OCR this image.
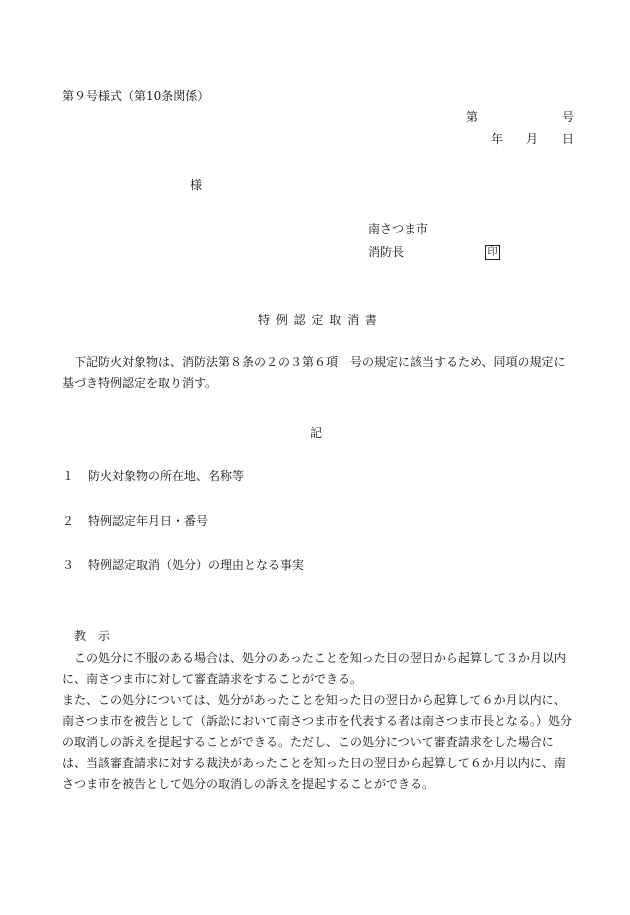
第９号様式（第10条関係）
第	号
年 月 日
様
南さつま市
消防長	印
特 例 認 定 取 消 書

下記防火対象物は、消防法第８条の２の３第６項　号の規定に該当するため、同項の規定に基づき特例認定を取り消す。

記
１ 防火対象物の所在地、名称等
２ 特例認定年月日・番号
３ 特例認定取消（処分）の理由となる事実
教　示

この処分に不服のある場合は、処分のあったことを知った日の翌日から起算して３か月以内に、南さつま市に対して審査請求をすることができる。

また、この処分については、処分があったことを知った日の翌日から起算して６か月以内に、南さつま市を被告として（訴訟において南さつま市を代表する者は南さつま市長となる。）処分の取消しの訴えを提起することができる。ただし、この処分について審査請求をした場合には、当該審査請求に対する裁決があったことを知った日の翌日から起算して６か月以内に、南さつま市を被告として処分の取消しの訴えを提起することができる。
